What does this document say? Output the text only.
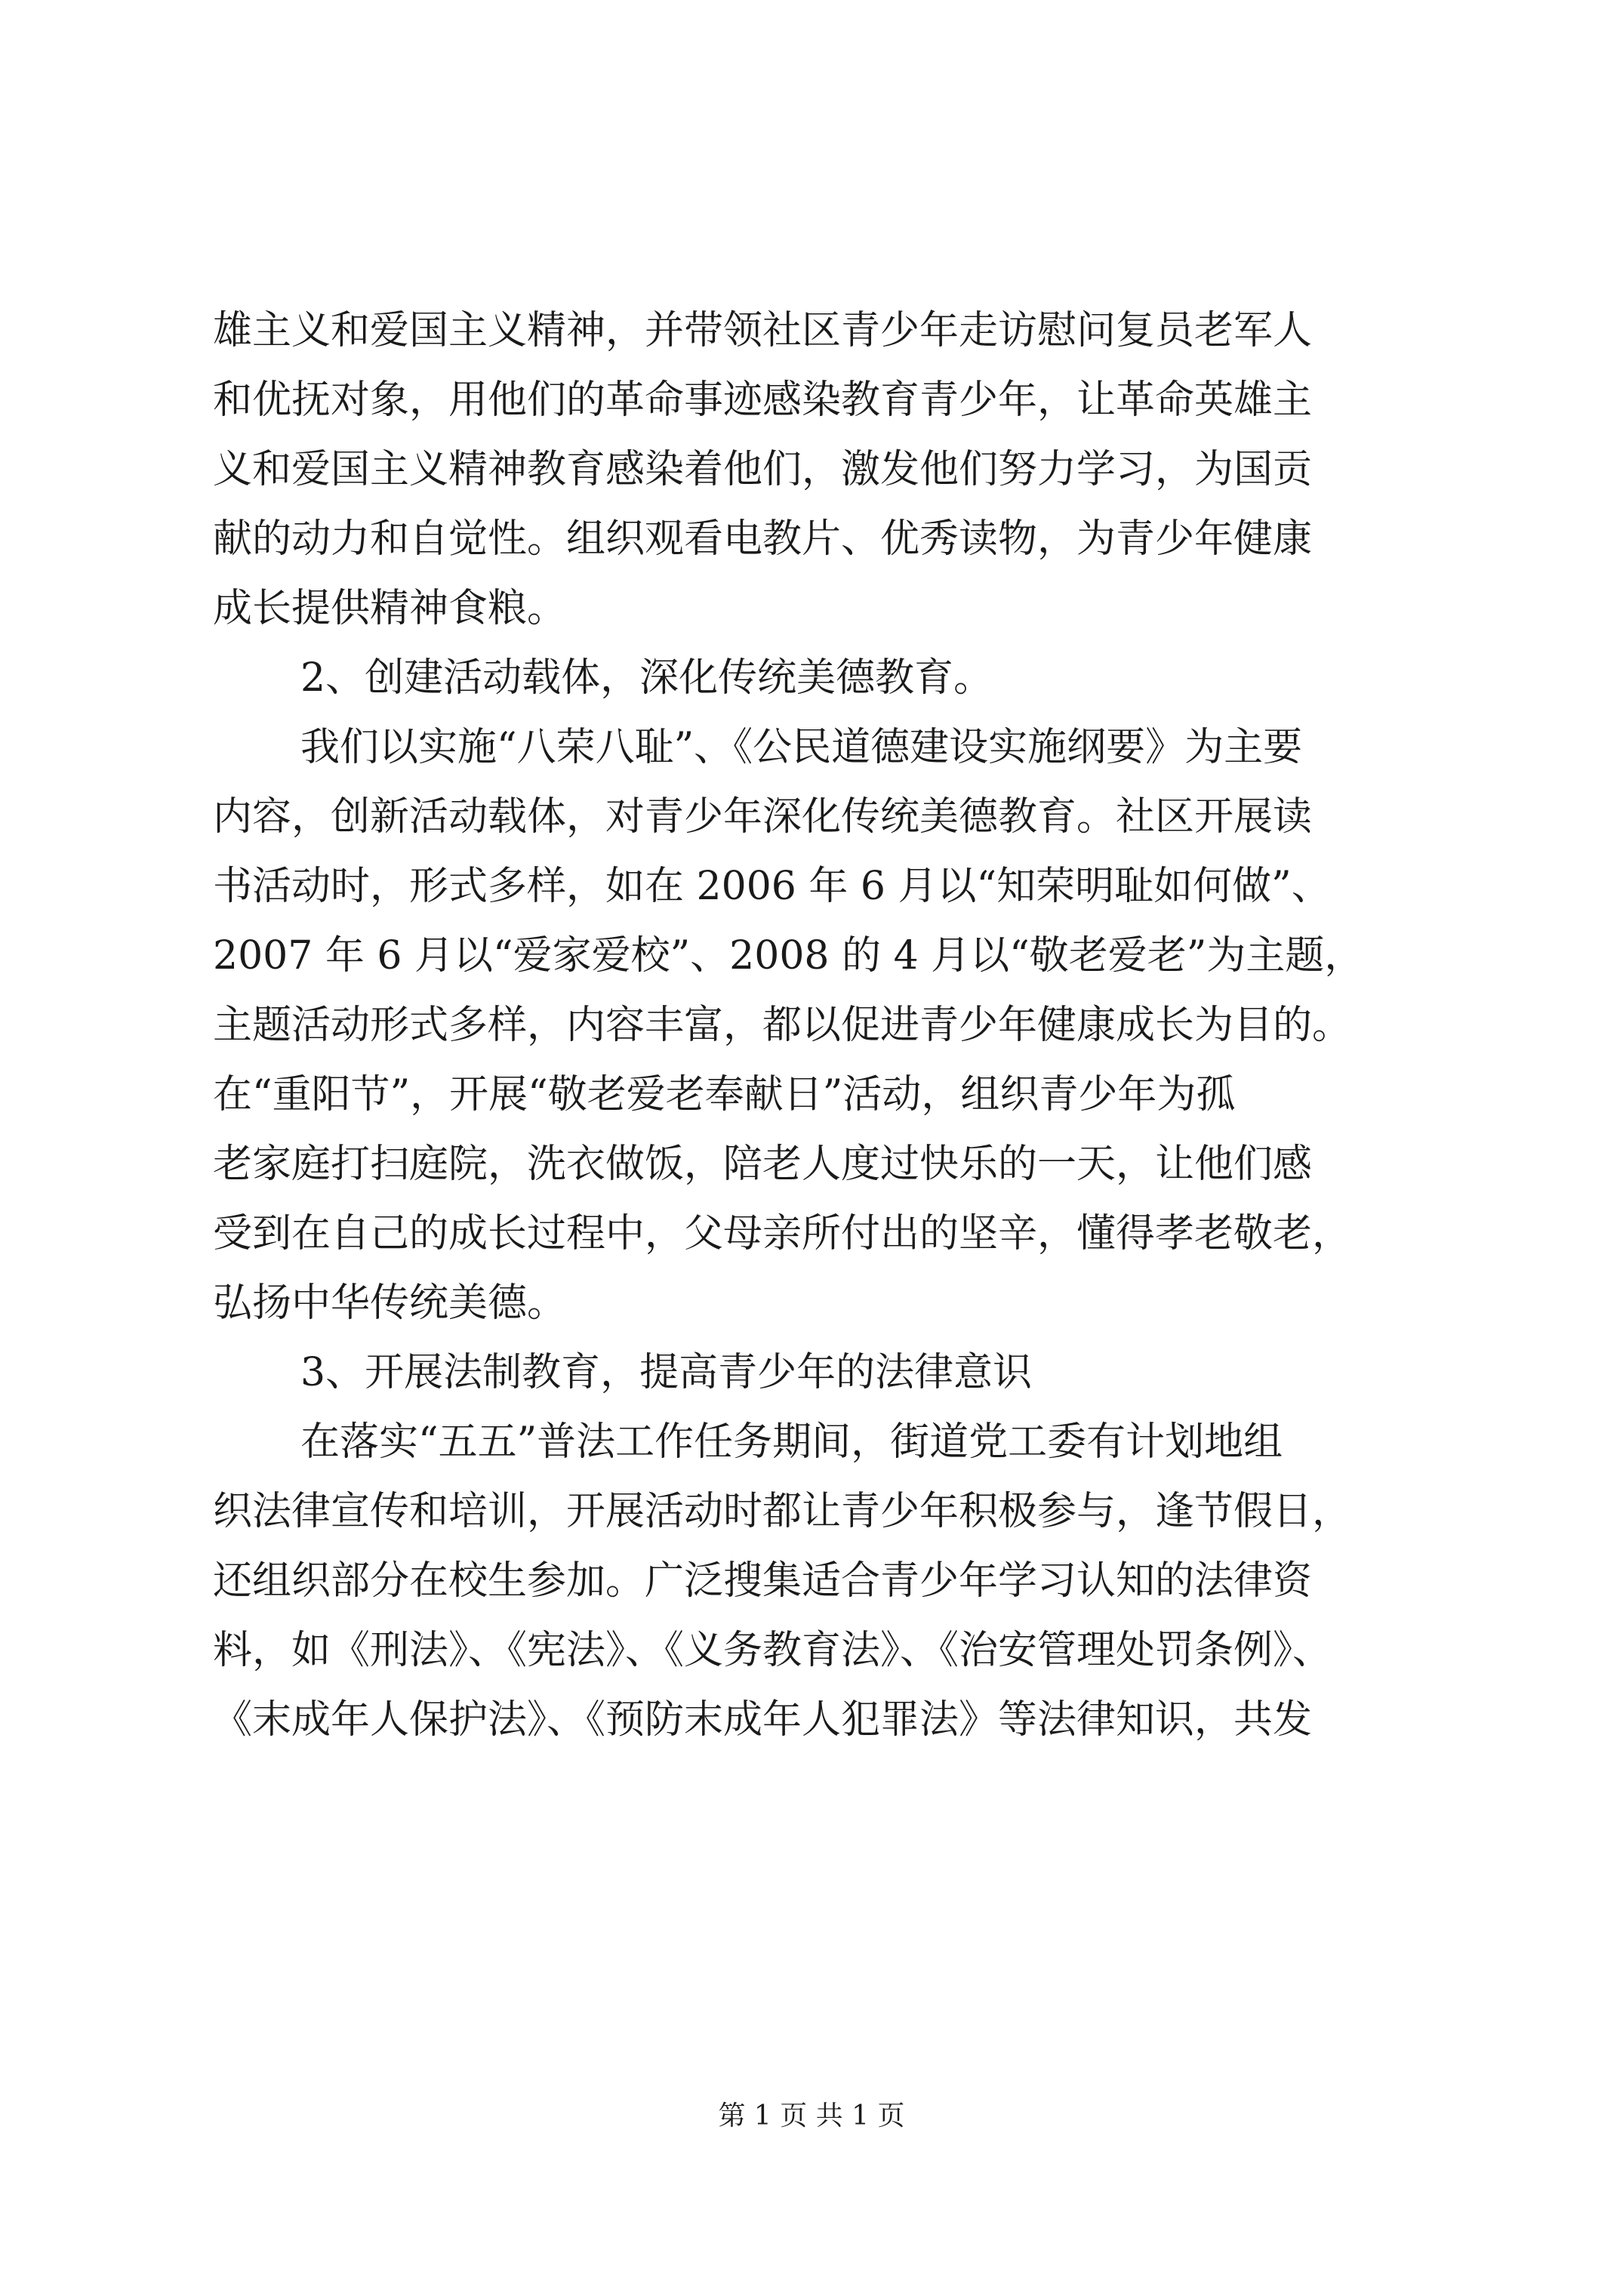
雄主义和爱国主义精神，并带领社区青少年走访慰问复员老军人
和优抚对象，用他们的革命事迹感染教育青少年，让革命英雄主
义和爱国主义精神教育感染着他们，激发他们努力学习，为国贡
献的动力和自觉性。组织观看电教片、优秀读物，为青少年健康
成长提供精神食粮。
2、创建活动载体，深化传统美德教育。
我们以实施“八荣八耻”、《公民道德建设实施纲要》为主要
内容，创新活动载体，对青少年深化传统美德教育。社区开展读
书活动时，形式多样，如在 2006 年 6 月以“知荣明耻如何做”、
2007 年 6 月以“爱家爱校”、2008 的 4 月以“敬老爱老”为主题，
主题活动形式多样，内容丰富，都以促进青少年健康成长为目的。
在“重阳节”，开展“敬老爱老奉献日”活动，组织青少年为孤
老家庭打扫庭院，洗衣做饭，陪老人度过快乐的一天，让他们感
受到在自己的成长过程中，父母亲所付出的坚辛，懂得孝老敬老，
弘扬中华传统美德。
3、开展法制教育，提高青少年的法律意识
在落实“五五”普法工作任务期间，街道党工委有计划地组
织法律宣传和培训，开展活动时都让青少年积极参与，逢节假日，
还组织部分在校生参加。广泛搜集适合青少年学习认知的法律资
料，如《刑法》、《宪法》、《义务教育法》、《治安管理处罚条例》、
《末成年人保护法》、《预防末成年人犯罪法》等法律知识，共发
第 1 页 共 1 页
